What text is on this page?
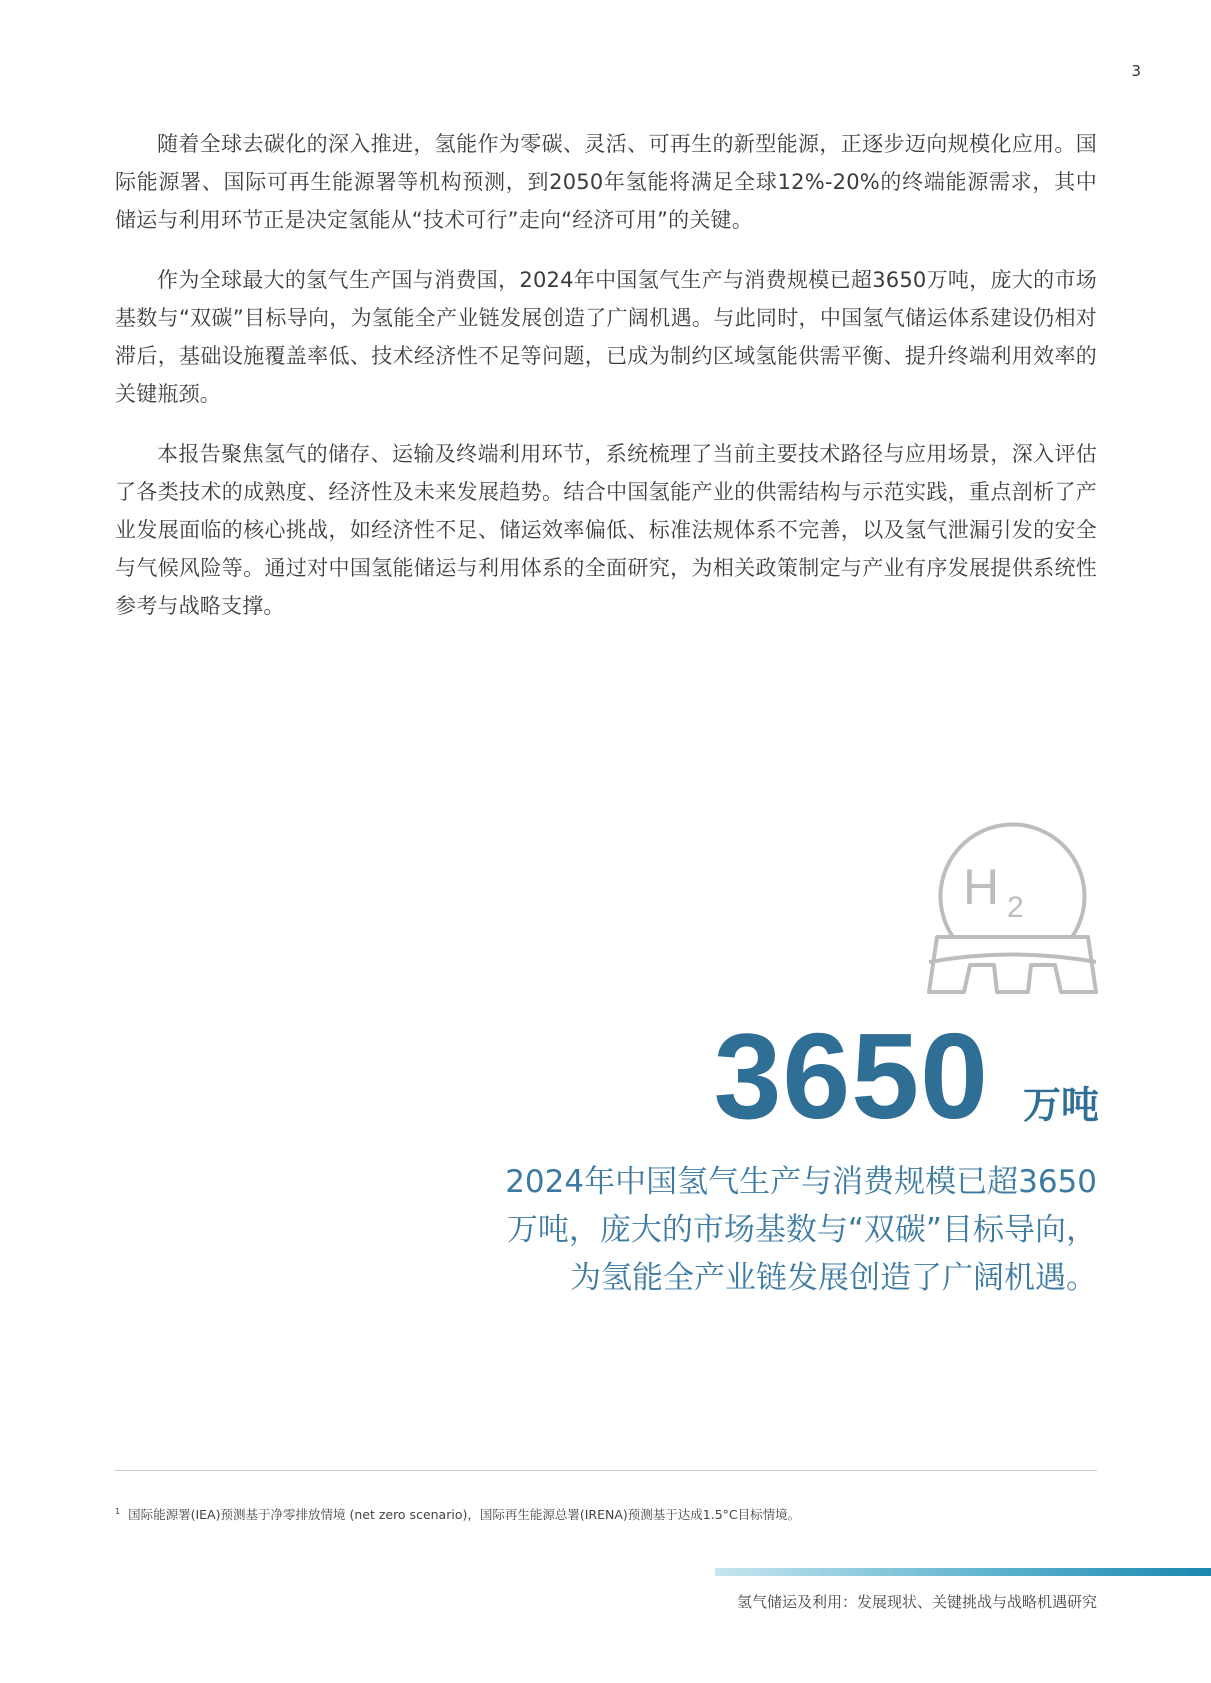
3

随着全球去碳化的深入推进，氢能作为零碳、灵活、可再生的新型能源，正逐步迈向规模化应用。国际能源署、国际可再生能源署等机构预测，到2050年氢能将满足全球12%-20%的终端能源需求，其中储运与利用环节正是决定氢能从“技术可行”走向“经济可用”的关键。

作为全球最大的氢气生产国与消费国，2024年中国氢气生产与消费规模已超3650万吨，庞大的市场基数与“双碳”目标导向，为氢能全产业链发展创造了广阔机遇。与此同时，中国氢气储运体系建设仍相对滞后，基础设施覆盖率低、技术经济性不足等问题，已成为制约区域氢能供需平衡、提升终端利用效率的关键瓶颈。

本报告聚焦氢气的储存、运输及终端利用环节，系统梳理了当前主要技术路径与应用场景，深入评估了各类技术的成熟度、经济性及未来发展趋势。结合中国氢能产业的供需结构与示范实践，重点剖析了产业发展面临的核心挑战，如经济性不足、储运效率偏低、标准法规体系不完善，以及氢气泄漏引发的安全与气候风险等。通过对中国氢能储运与利用体系的全面研究，为相关政策制定与产业有序发展提供系统性参考与战略支撑。

H 2
3650 万吨
2024年中国氢气生产与消费规模已超3650
万吨，庞大的市场基数与“双碳”目标导向，
为氢能全产业链发展创造了广阔机遇。
$^1$ 国际能源署(IEA)预测基于净零排放情境 (net zero scenario)，国际再生能源总署(IRENA)预测基于达成1.5°C目标情境。
氢气储运及利用：发展现状、关键挑战与战略机遇研究
